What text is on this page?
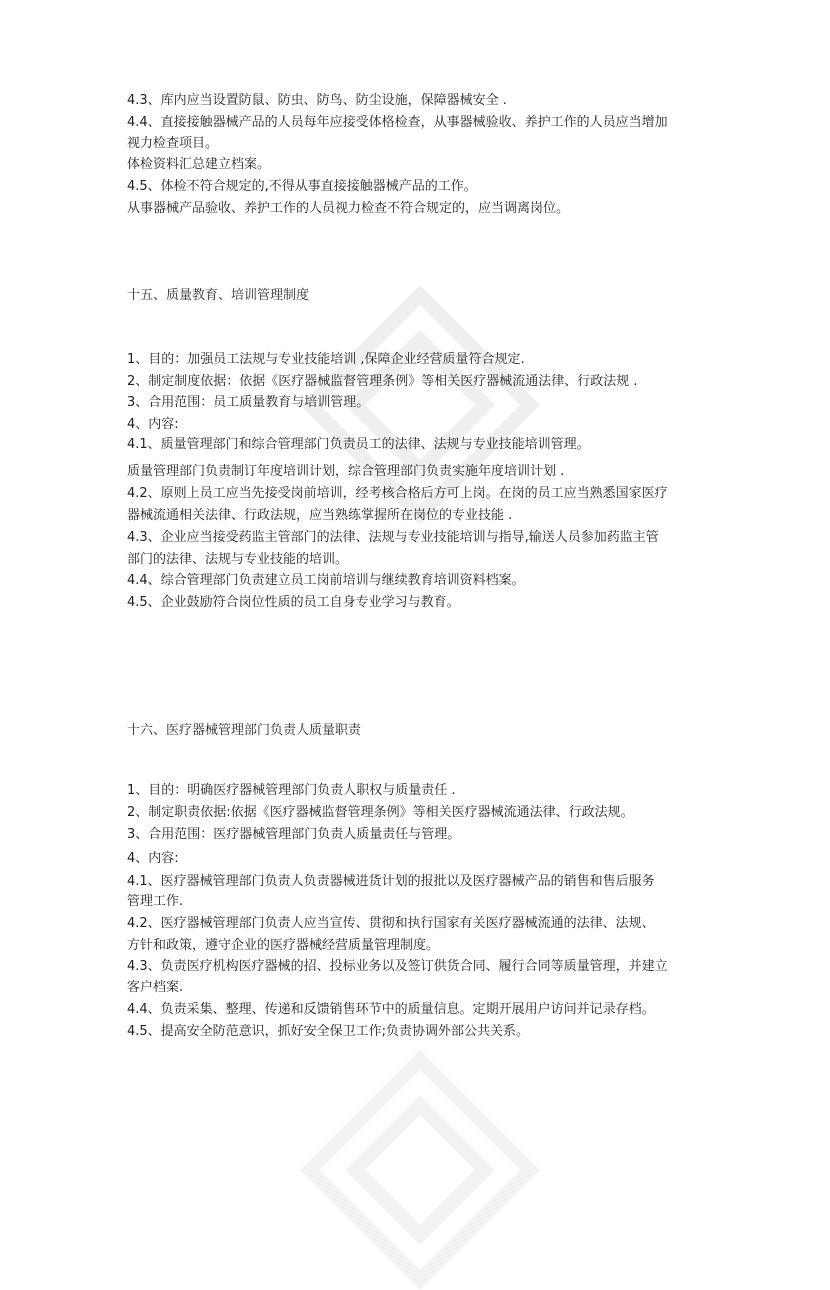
4.3、库内应当设置防鼠、防虫、防鸟、防尘设施，保障器械安全 .
4.4、直接接触器械产品的人员每年应接受体格检查，从事器械验收、养护工作的人员应当增加
视力检查项目。
体检资料汇总建立档案。
4.5、体检不符合规定的,不得从事直接接触器械产品的工作。
从事器械产品验收、养护工作的人员视力检查不符合规定的，应当调离岗位。
十五、质量教育、培训管理制度
1、目的：加强员工法规与专业技能培训 ,保障企业经营质量符合规定.
2、制定制度依据：依据《医疗器械监督管理条例》等相关医疗器械流通法律、行政法规 .
3、合用范围：员工质量教育与培训管理。
4、内容:
4.1、质量管理部门和综合管理部门负责员工的法律、法规与专业技能培训管理。
质量管理部门负责制订年度培训计划，综合管理部门负责实施年度培训计划 .
4.2、原则上员工应当先接受岗前培训，经考核合格后方可上岗。在岗的员工应当熟悉国家医疗
器械流通相关法律、行政法规，应当熟练掌握所在岗位的专业技能 .
4.3、企业应当接受药监主管部门的法律、法规与专业技能培训与指导,输送人员参加药监主管
部门的法律、法规与专业技能的培训。
4.4、综合管理部门负责建立员工岗前培训与继续教育培训资料档案。
4.5、企业鼓励符合岗位性质的员工自身专业学习与教育。
十六、医疗器械管理部门负责人质量职责
1、目的：明确医疗器械管理部门负责人职权与质量责任 .
2、制定职责依据:依据《医疗器械监督管理条例》等相关医疗器械流通法律、行政法规。
3、合用范围：医疗器械管理部门负责人质量责任与管理。
4、内容:
4.1、医疗器械管理部门负责人负责器械进货计划的报批以及医疗器械产品的销售和售后服务
管理工作.
4.2、医疗器械管理部门负责人应当宣传、贯彻和执行国家有关医疗器械流通的法律、法规、
方针和政策，遵守企业的医疗器械经营质量管理制度。
4.3、负责医疗机构医疗器械的招、投标业务以及签订供货合同、履行合同等质量管理，并建立
客户档案.
4.4、负责采集、整理、传递和反馈销售环节中的质量信息。定期开展用户访问并记录存档。
4.5、提高安全防范意识，抓好安全保卫工作;负责协调外部公共关系。
